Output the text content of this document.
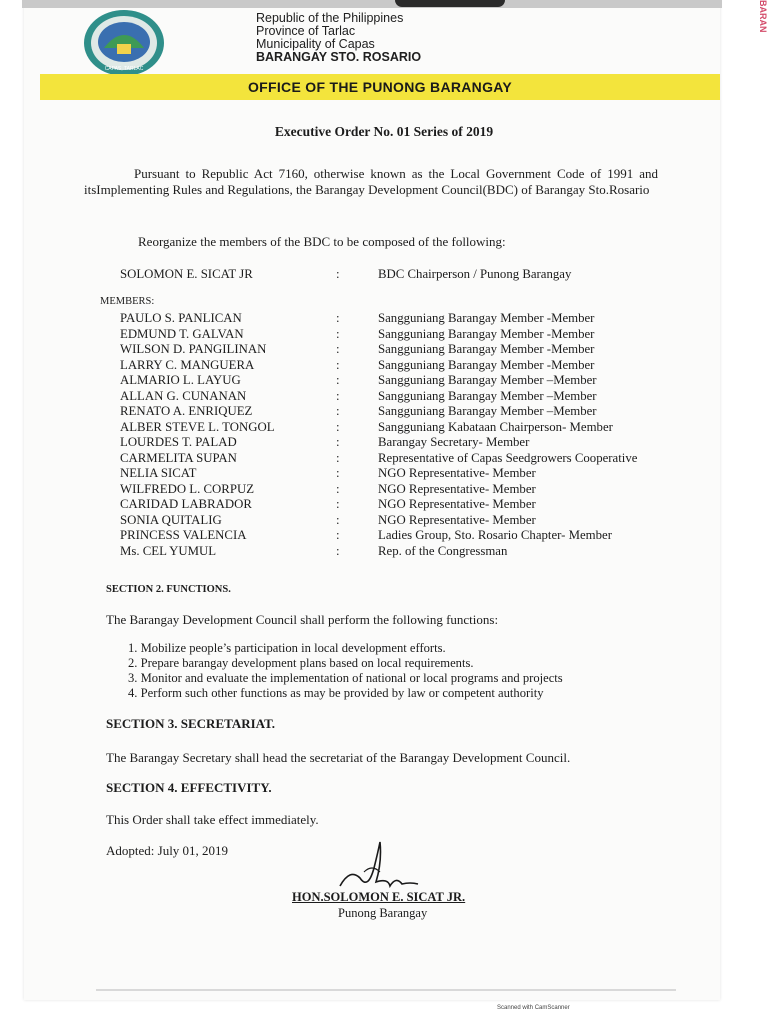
CAPAS, TARLAC
Republic of the Philippines
Province of Tarlac
Municipality of Capas
BARANGAY STO. ROSARIO
BARAN
OFFICE OF THE PUNONG BARANGAY
Executive Order No. 01 Series of 2019
Pursuant to Republic Act 7160, otherwise known as the Local Government Code of 1991 and itsImplementing Rules and Regulations, the Barangay Development Council(BDC) of Barangay Sto.Rosario
Reorganize the members of the BDC to be composed of the following:
SOLOMON E. SICAT JR	:	BDC Chairperson / Punong Barangay
MEMBERS:
PAULO S. PANLICAN	:	Sangguniang Barangay Member -Member
EDMUND T. GALVAN	:	Sangguniang Barangay Member -Member
WILSON D. PANGILINAN	:	Sangguniang Barangay Member -Member
LARRY C. MANGUERA	:	Sangguniang Barangay Member -Member
ALMARIO L. LAYUG	:	Sangguniang Barangay Member –Member
ALLAN G. CUNANAN	:	Sangguniang Barangay Member –Member
RENATO A. ENRIQUEZ	:	Sangguniang Barangay Member –Member
ALBER STEVE L. TONGOL	:	Sangguniang Kabataan Chairperson- Member
LOURDES T. PALAD	:	Barangay Secretary- Member
CARMELITA SUPAN	:	Representative of Capas Seedgrowers Cooperative
NELIA SICAT	:	NGO Representative- Member
WILFREDO L. CORPUZ	:	NGO Representative- Member
CARIDAD LABRADOR	:	NGO Representative- Member
SONIA QUITALIG	:	NGO Representative- Member
PRINCESS VALENCIA	:	Ladies Group, Sto. Rosario Chapter- Member
Ms. CEL YUMUL	:	Rep. of the Congressman
SECTION 2. FUNCTIONS.
The Barangay Development Council shall perform the following functions:
1. Mobilize people’s participation in local development efforts.
2. Prepare barangay development plans based on local requirements.
3. Monitor and evaluate the implementation of national or local programs and projects
4. Perform such other functions as may be provided by law or competent authority
SECTION 3. SECRETARIAT.
The Barangay Secretary shall head the secretariat of the Barangay Development Council.
SECTION 4. EFFECTIVITY.
This Order shall take effect immediately.
Adopted: July 01, 2019
HON.SOLOMON E. SICAT JR.
Punong Barangay
Scanned with CamScanner
